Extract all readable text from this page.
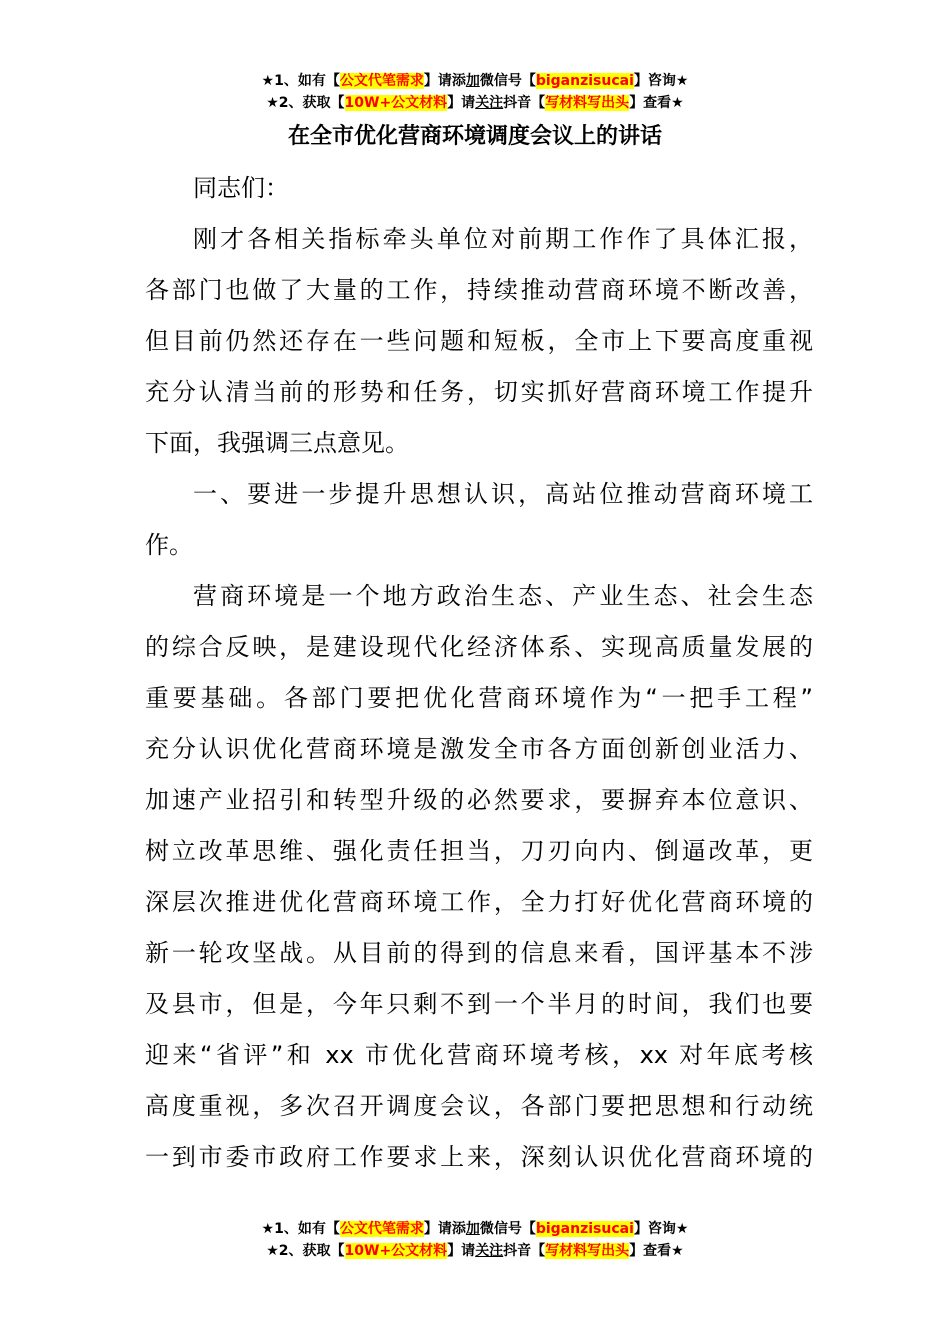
★1、如有【公文代笔需求】请添加微信号【biganzisucai】咨询★
★2、获取【10W+公文材料】请关注抖音【写材料写出头】查看★
在全市优化营商环境调度会议上的讲话
同志们：
刚才各相关指标牵头单位对前期工作作了具体汇报，
各部门也做了大量的工作，持续推动营商环境不断改善，
但目前仍然还存在一些问题和短板，全市上下要高度重视
充分认清当前的形势和任务，切实抓好营商环境工作提升
下面，我强调三点意见。
一、要进一步提升思想认识，高站位推动营商环境工
作。
营商环境是一个地方政治生态、产业生态、社会生态
的综合反映，是建设现代化经济体系、实现高质量发展的
重要基础。各部门要把优化营商环境作为“一把手工程”
充分认识优化营商环境是激发全市各方面创新创业活力、
加速产业招引和转型升级的必然要求，要摒弃本位意识、
树立改革思维、强化责任担当，刀刃向内、倒逼改革，更
深层次推进优化营商环境工作，全力打好优化营商环境的
新一轮攻坚战。从目前的得到的信息来看，国评基本不涉
及县市，但是，今年只剩不到一个半月的时间，我们也要
迎来“省评”和 xx 市优化营商环境考核，xx 对年底考核
高度重视，多次召开调度会议，各部门要把思想和行动统
一到市委市政府工作要求上来，深刻认识优化营商环境的
★1、如有【公文代笔需求】请添加微信号【biganzisucai】咨询★
★2、获取【10W+公文材料】请关注抖音【写材料写出头】查看★
